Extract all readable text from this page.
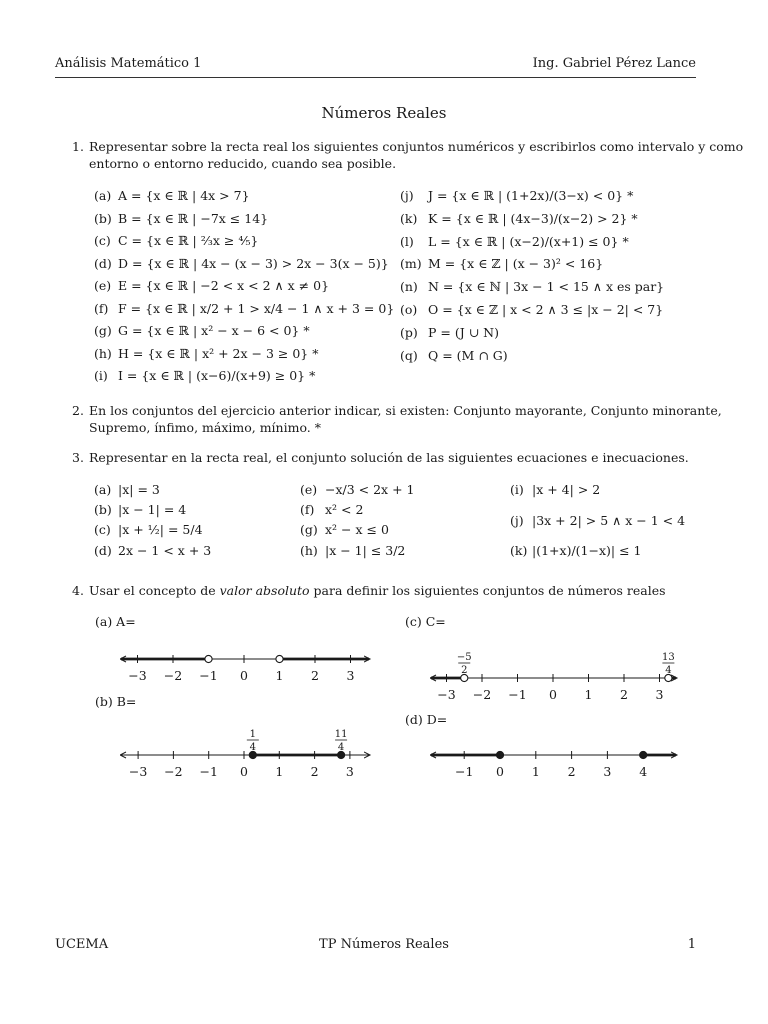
Análisis Matemático 1	Ing. Gabriel Pérez Lance
Números Reales
1. Representar sobre la recta real los siguientes conjuntos numéricos y escribirlos como intervalo y como
entorno o entorno reducido, cuando sea posible.
(a) A = {x ∈ ℝ | 4x > 7}
(b) B = {x ∈ ℝ | −7x ≤ 14}
(c) C = {x ∈ ℝ | ⅔x ≥ ⅘}
(d) D = {x ∈ ℝ | 4x − (x − 3) > 2x − 3(x − 5)}
(e) E = {x ∈ ℝ | −2 < x < 2 ∧ x ≠ 0}
(f) F = {x ∈ ℝ | x/2 + 1 > x/4 − 1 ∧ x + 3 = 0}
(g) G = {x ∈ ℝ | x² − x − 6 < 0} *
(h) H = {x ∈ ℝ | x² + 2x − 3 ≥ 0} *
(i) I = {x ∈ ℝ | (x−6)/(x+9) ≥ 0} *
(j) J = {x ∈ ℝ | (1+2x)/(3−x) < 0} *
(k) K = {x ∈ ℝ | (4x−3)/(x−2) > 2} *
(l) L = {x ∈ ℝ | (x−2)/(x+1) ≤ 0} *
(m) M = {x ∈ ℤ | (x − 3)² < 16}
(n) N = {x ∈ ℕ | 3x − 1 < 15 ∧ x es par}
(o) O = {x ∈ ℤ | x < 2 ∧ 3 ≤ |x − 2| < 7}
(p) P = (J ∪ N)
(q) Q = (M ∩ G)
2. En los conjuntos del ejercicio anterior indicar, si existen: Conjunto mayorante, Conjunto minorante,
Supremo, ínfimo, máximo, mínimo. *
3. Representar en la recta real, el conjunto solución de las siguientes ecuaciones e inecuaciones.
(a) |x| = 3
(b) |x − 1| = 4
(c) |x + ½| = 5/4
(d) 2x − 1 < x + 3
(e) −x/3 < 2x + 1
(f) x² < 2
(g) x² − x ≤ 0
(h) |x − 1| ≤ 3/2
(i) |x + 4| > 2
(j) |3x + 2| > 5 ∧ x − 1 < 4
(k) |(1+x)/(1−x)| ≤ 1
4. Usar el concepto de valor absoluto para definir los siguientes conjuntos de números reales
(a) A=
(b) B=
(c) C=
(d) D=
−3 −2 −1 0 1 2 3
−3 −2 −1 0 1 2 3
1
4
11
4
−3 −2 −1 0 1 2 3
−5
2
13
4
−1 0 1 2 3 4
UCEMA	TP Números Reales	1
